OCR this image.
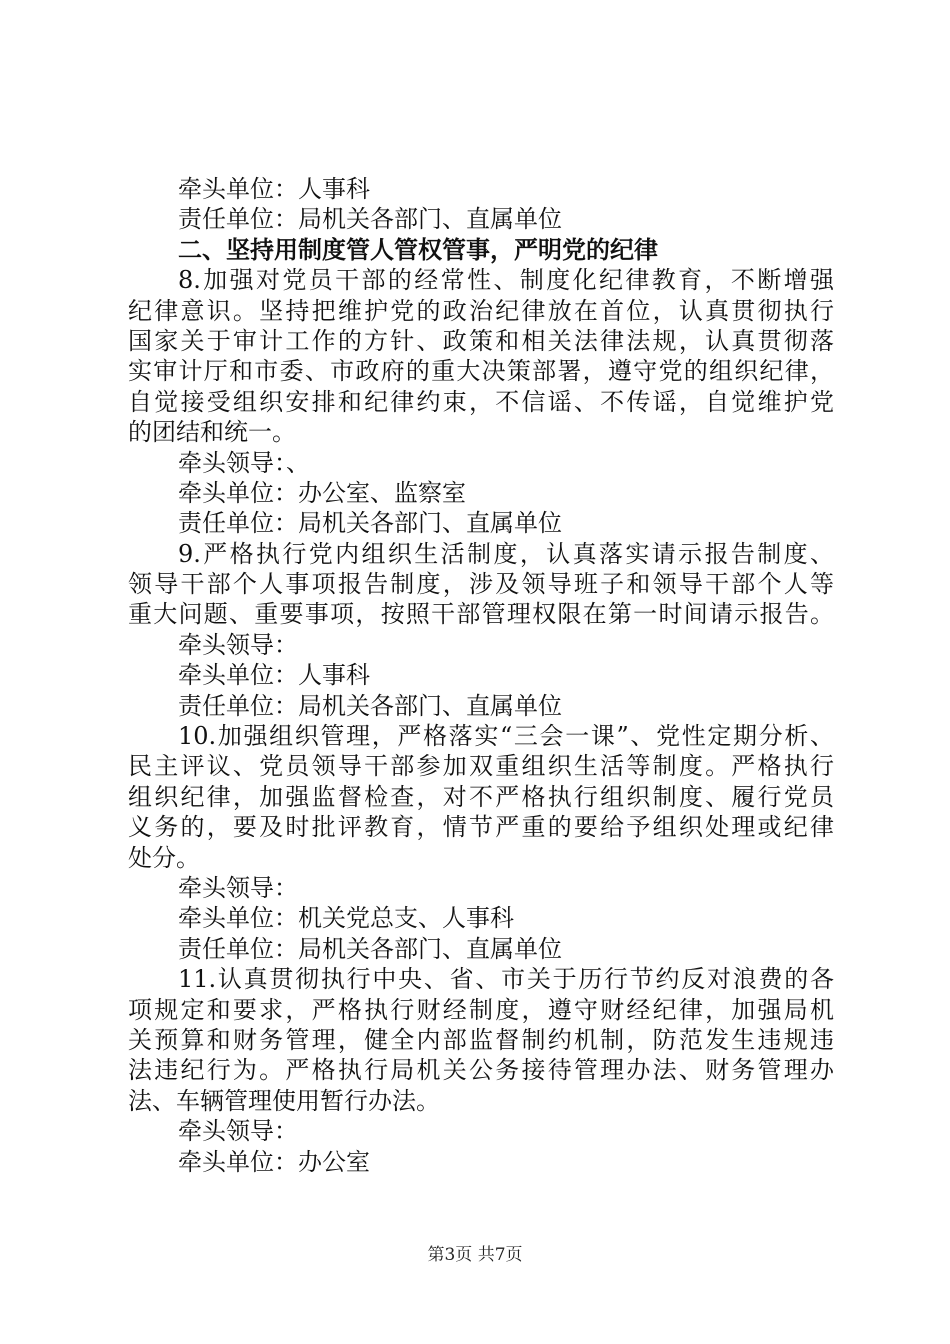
牵头单位：人事科
责任单位：局机关各部门、直属单位
二、坚持用制度管人管权管事，严明党的纪律
8.加强对党员干部的经常性、制度化纪律教育，不断增强
纪律意识。坚持把维护党的政治纪律放在首位，认真贯彻执行
国家关于审计工作的方针、政策和相关法律法规，认真贯彻落
实审计厅和市委、市政府的重大决策部署，遵守党的组织纪律，
自觉接受组织安排和纪律约束，不信谣、不传谣，自觉维护党
的团结和统一。
牵头领导：、
牵头单位：办公室、监察室
责任单位：局机关各部门、直属单位
9.严格执行党内组织生活制度，认真落实请示报告制度、
领导干部个人事项报告制度，涉及领导班子和领导干部个人等
重大问题、重要事项，按照干部管理权限在第一时间请示报告。
牵头领导：
牵头单位：人事科
责任单位：局机关各部门、直属单位
10.加强组织管理，严格落实“三会一课”、党性定期分析、
民主评议、党员领导干部参加双重组织生活等制度。严格执行
组织纪律，加强监督检查，对不严格执行组织制度、履行党员
义务的，要及时批评教育，情节严重的要给予组织处理或纪律
处分。
牵头领导：
牵头单位：机关党总支、人事科
责任单位：局机关各部门、直属单位
11.认真贯彻执行中央、省、市关于历行节约反对浪费的各
项规定和要求，严格执行财经制度，遵守财经纪律，加强局机
关预算和财务管理，健全内部监督制约机制，防范发生违规违
法违纪行为。严格执行局机关公务接待管理办法、财务管理办
法、车辆管理使用暂行办法。
牵头领导：
牵头单位：办公室
第3页 共7页
